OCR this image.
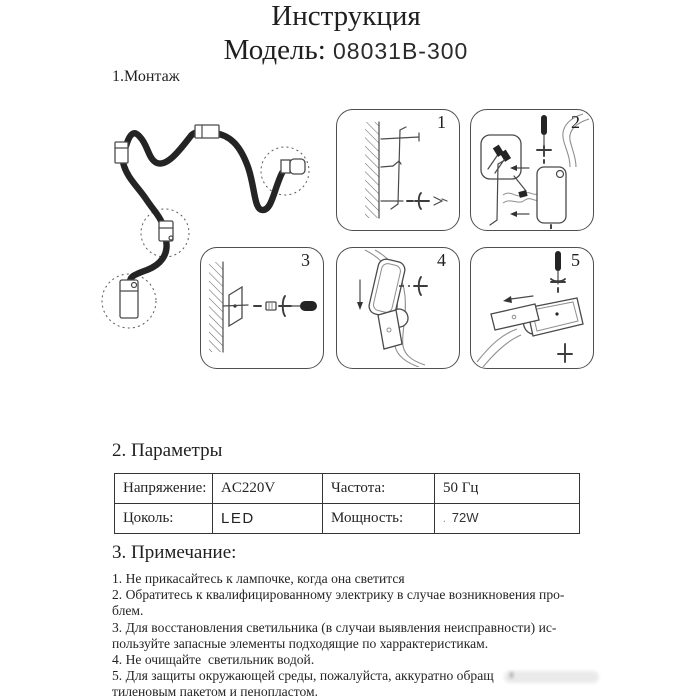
Инструкция
Модель: 08031B-300
1.Монтаж
1	2
3	4	5
2. Параметры
Напряжение:	AC220V	Частота:	50 Гц
Цоколь:	LED	Мощность:	. 72W
3. Примечание:
1. Не прикасайтесь к лампочке, когда она светится
2. Обратитесь к квалифицированному электрику в случае возникновения про-
блем.
3. Для восстановления светильника (в случаи выявления неисправности) ис-
пользуйте запасные элементы подходящие по харрактеристикам.
4. Не очищайте  светильник водой.
5. Для защиты окружающей среды, пожалуйста, аккуратно обращ
тиленовым пакетом и пенопластом.
